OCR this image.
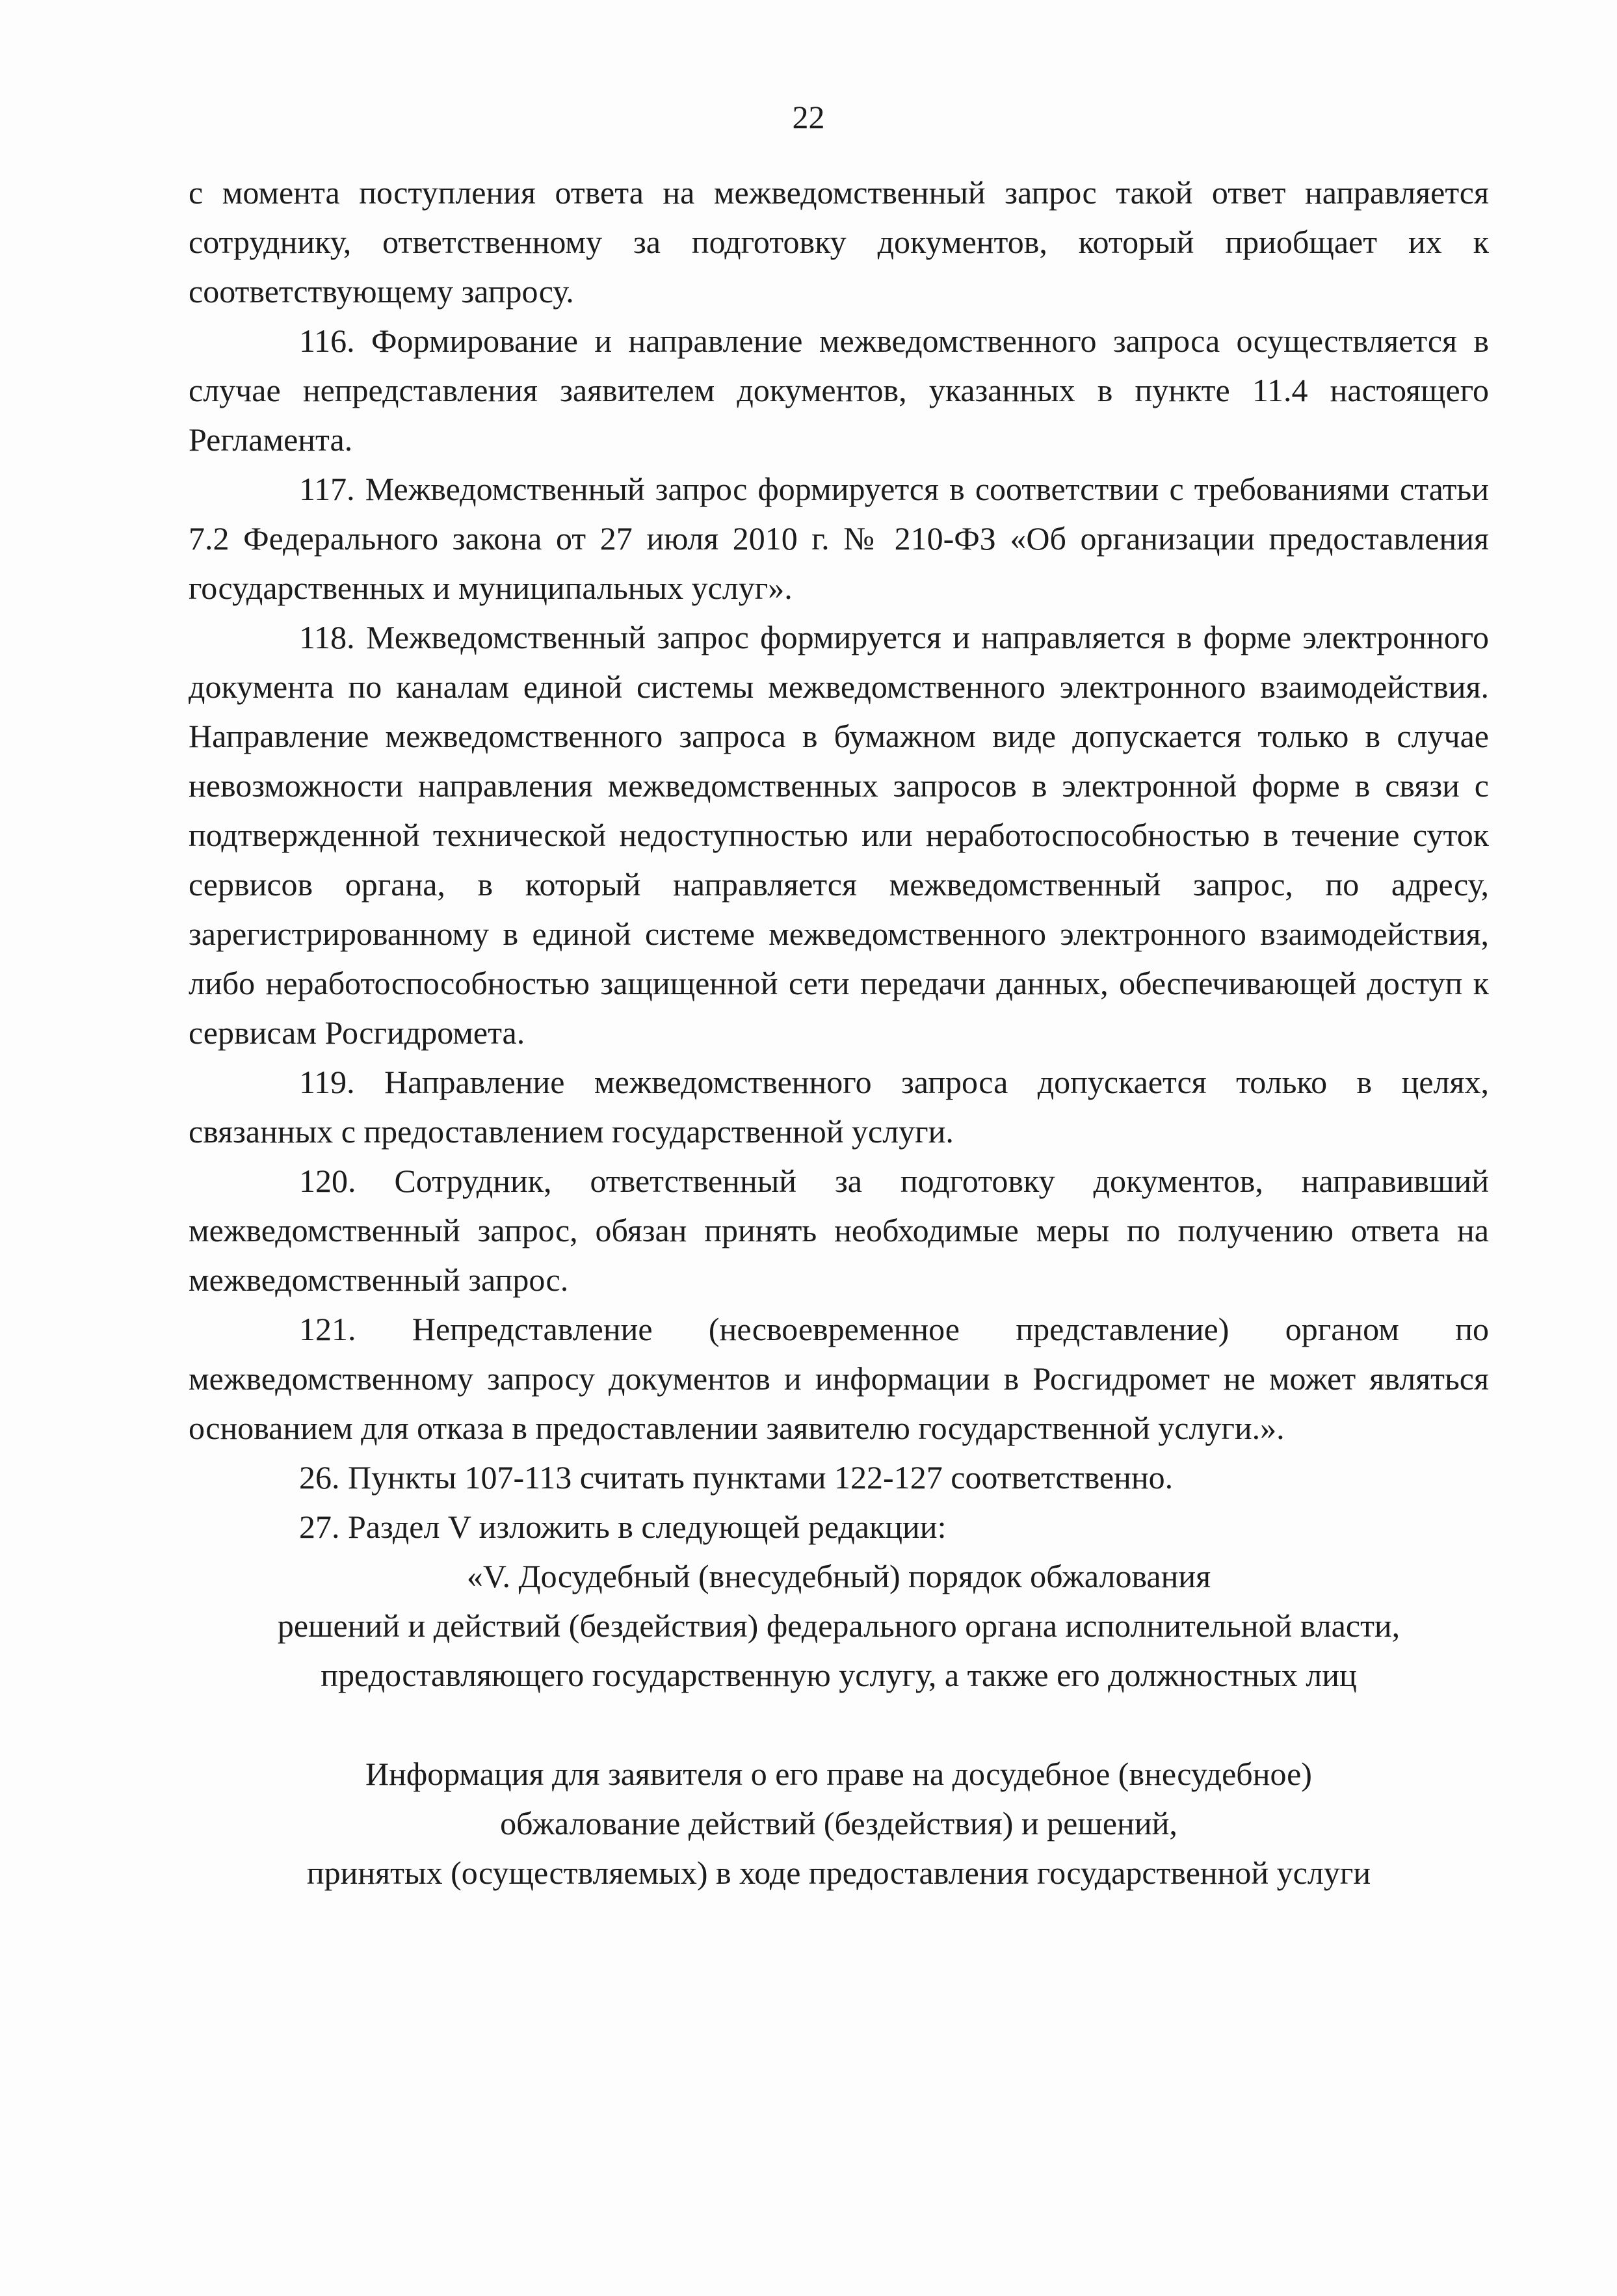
22

с момента поступления ответа на межведомственный запрос такой ответ направляется сотруднику, ответственному за подготовку документов, который приобщает их к соответствующему запросу.

116. Формирование и направление межведомственного запроса осуществляется в случае непредставления заявителем документов, указанных в пункте 11.4 настоящего Регламента.

117. Межведомственный запрос формируется в соответствии с требованиями статьи 7.2 Федерального закона от 27 июля 2010 г. № 210-ФЗ «Об организации предоставления государственных и муниципальных услуг».

118. Межведомственный запрос формируется и направляется в форме электронного документа по каналам единой системы межведомственного электронного взаимодействия. Направление межведомственного запроса в бумажном виде допускается только в случае невозможности направления межведомственных запросов в электронной форме в связи с подтвержденной технической недоступностью или неработоспособностью в течение суток сервисов органа, в который направляется межведомственный запрос, по адресу, зарегистрированному в единой системе межведомственного электронного взаимодействия, либо неработоспособностью защищенной сети передачи данных, обеспечивающей доступ к сервисам Росгидромета.

119. Направление межведомственного запроса допускается только в целях, связанных с предоставлением государственной услуги.

120. Сотрудник, ответственный за подготовку документов, направивший межведомственный запрос, обязан принять необходимые меры по получению ответа на межведомственный запрос.

121. Непредставление (несвоевременное представление) органом по межведомственному запросу документов и информации в Росгидромет не может являться основанием для отказа в предоставлении заявителю государственной услуги.».

26. Пункты 107-113 считать пунктами 122-127 соответственно.

27. Раздел V изложить в следующей редакции:

«V. Досудебный (внесудебный) порядок обжалования
решений и действий (бездействия) федерального органа исполнительной власти,
предоставляющего государственную услугу, а также его должностных лиц

Информация для заявителя о его праве на досудебное (внесудебное)
обжалование действий (бездействия) и решений,
принятых (осуществляемых) в ходе предоставления государственной услуги
